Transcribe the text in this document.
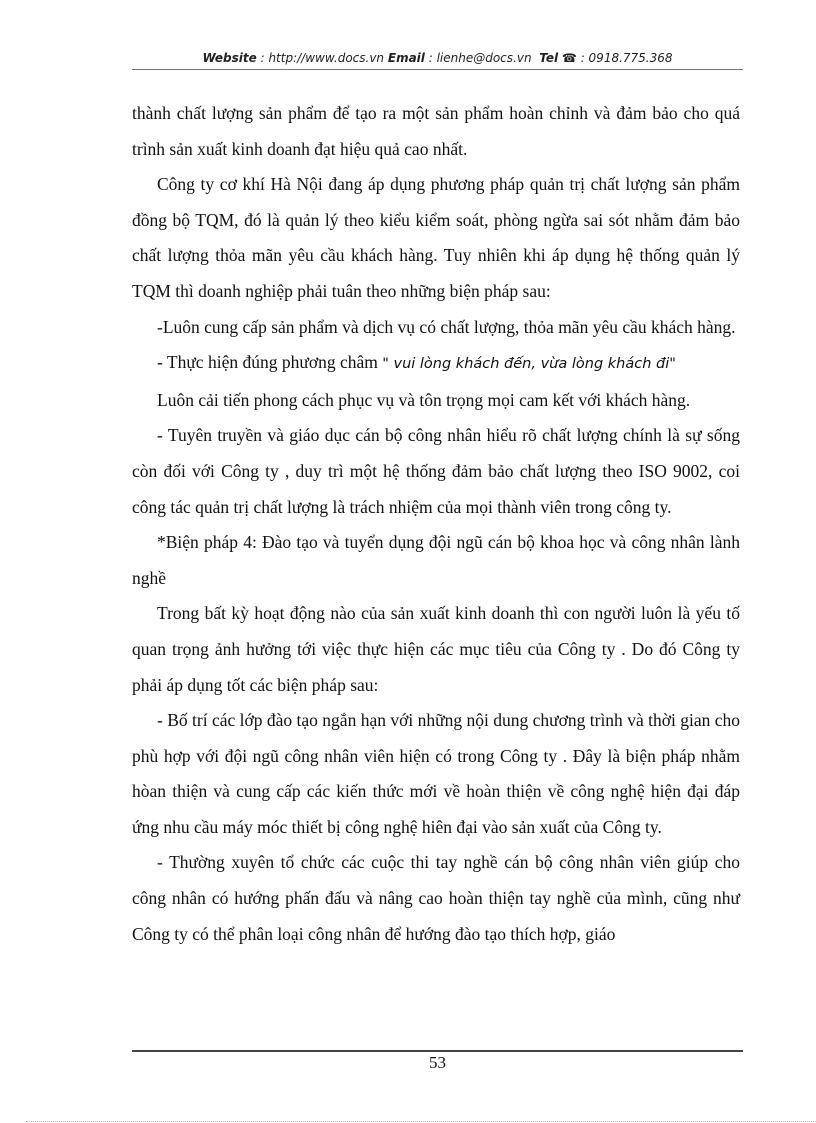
Website : http://www.docs.vn Email : lienhe@docs.vn Tel ☎ : 0918.775.368

thành chất lượng sản phẩm để tạo ra một sản phẩm hoàn chỉnh và đảm bảo cho quá trình sản xuất kinh doanh đạt hiệu quả cao nhất.

Công ty cơ khí Hà Nội đang áp dụng phương pháp quản trị chất lượng sản phẩm đồng bộ TQM, đó là quản lý theo kiểu kiểm soát, phòng ngừa sai sót nhằm đảm bảo chất lượng thỏa mãn yêu cầu khách hàng. Tuy nhiên khi áp dụng hệ thống quản lý TQM thì doanh nghiệp phải tuân theo những biện pháp sau:

-Luôn cung cấp sản phẩm và dịch vụ có chất lượng, thỏa mãn yêu cầu khách hàng.

- Thực hiện đúng phương châm " vui lòng khách đến, vừa lòng khách đi"

Luôn cải tiến phong cách phục vụ và tôn trọng mọi cam kết với khách hàng.

- Tuyên truyền và giáo dục cán bộ công nhân hiểu rõ chất lượng chính là sự sống còn đối với Công ty , duy trì một hệ thống đảm bảo chất lượng theo ISO 9002, coi công tác quản trị chất lượng là trách nhiệm của mọi thành viên trong công ty.

*Biện pháp 4: Đào tạo và tuyển dụng đội ngũ cán bộ khoa học và công nhân lành nghề

Trong bất kỳ hoạt động nào của sản xuất kinh doanh thì con người luôn là yếu tố quan trọng ảnh hưởng tới việc thực hiện các mục tiêu của Công ty . Do đó Công ty phải áp dụng tốt các biện pháp sau:

- Bố trí các lớp đào tạo ngắn hạn với những nội dung chương trình và thời gian cho phù hợp với đội ngũ công nhân viên hiện có trong Công ty . Đây là biện pháp nhằm hòan thiện và cung cấp các kiến thức mới về hoàn thiện về công nghệ hiện đại đáp ứng nhu cầu máy móc thiết bị công nghệ hiên đại vào sản xuất của Công ty.

- Thường xuyên tổ chức các cuộc thi tay nghề cán bộ công nhân viên giúp cho công nhân có hướng phấn đấu và nâng cao hoàn thiện tay nghề của mình, cũng như Công ty có thể phân loại công nhân để hướng đào tạo thích hợp, giáo

53
